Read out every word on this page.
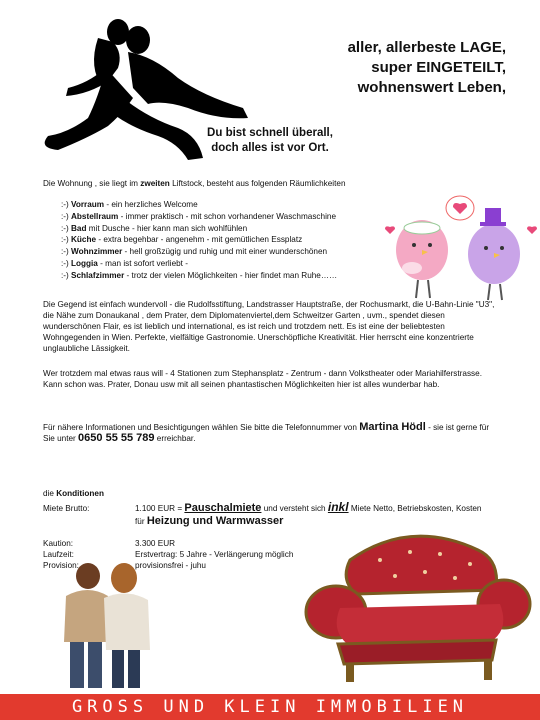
aller, allerbeste LAGE,
super EINGETEILT,
wohnenswert Leben,
Du bist schnell überall,
doch alles ist vor Ort.
Die Wohnung , sie liegt im zweiten Liftstock, besteht aus folgenden Räumlichkeiten
:-) Vorraum - ein herzliches Welcome
:-) Abstellraum - immer praktisch - mit schon vorhandener Waschmaschine
:-) Bad mit Dusche - hier kann man sich wohlfühlen
:-) Küche - extra begehbar - angenehm - mit gemütlichen Essplatz
:-) Wohnzimmer - hell großzügig und ruhig und mit einer wunderschönen
:-) Loggia - man ist sofort verliebt -
:-) Schlafzimmer - trotz der vielen Möglichkeiten - hier findet man Ruhe……
Die Gegend ist einfach wundervoll - die Rudolfsstiftung, Landstrasser Hauptstraße, der Rochusmarkt, die U-Bahn-Linie "U3", die Nähe zum Donaukanal , dem Prater, dem Diplomatenviertel,dem Schweitzer Garten , uvm., spendet diesen wunderschönen Flair, es ist lieblich und international, es ist reich und trotzdem nett. Es ist eine der beliebtesten Wohngegenden in Wien. Perfekte, vielfältige Gastronomie. Unerschöpfliche Kreativität. Hier herrscht eine konzentrierte unglaubliche Lässigkeit.
Wer trotzdem mal etwas raus will - 4 Stationen zum Stephansplatz - Zentrum - dann Volkstheater oder Mariahilferstrasse. Kann schon was. Prater, Donau usw mit all seinen phantastischen Möglichkeiten hier ist alles wunderbar hab.
Für nähere Informationen und Besichtigungen wählen Sie bitte die Telefonnummer von Martina Hödl - sie ist gerne für Sie unter 0650 55 55 789 erreichbar.
die Konditionen
Miete Brutto:	1.100 EUR = Pauschalmiete und versteht sich inkl Miete Netto, Betriebskosten, Kosten
für Heizung und Warmwasser
Kaution:	3.300 EUR
Laufzeit:	Erstvertrag: 5 Jahre - Verlängerung möglich
Provision:	provisionsfrei - juhu
GROSS UND KLEIN IMMOBILIEN
